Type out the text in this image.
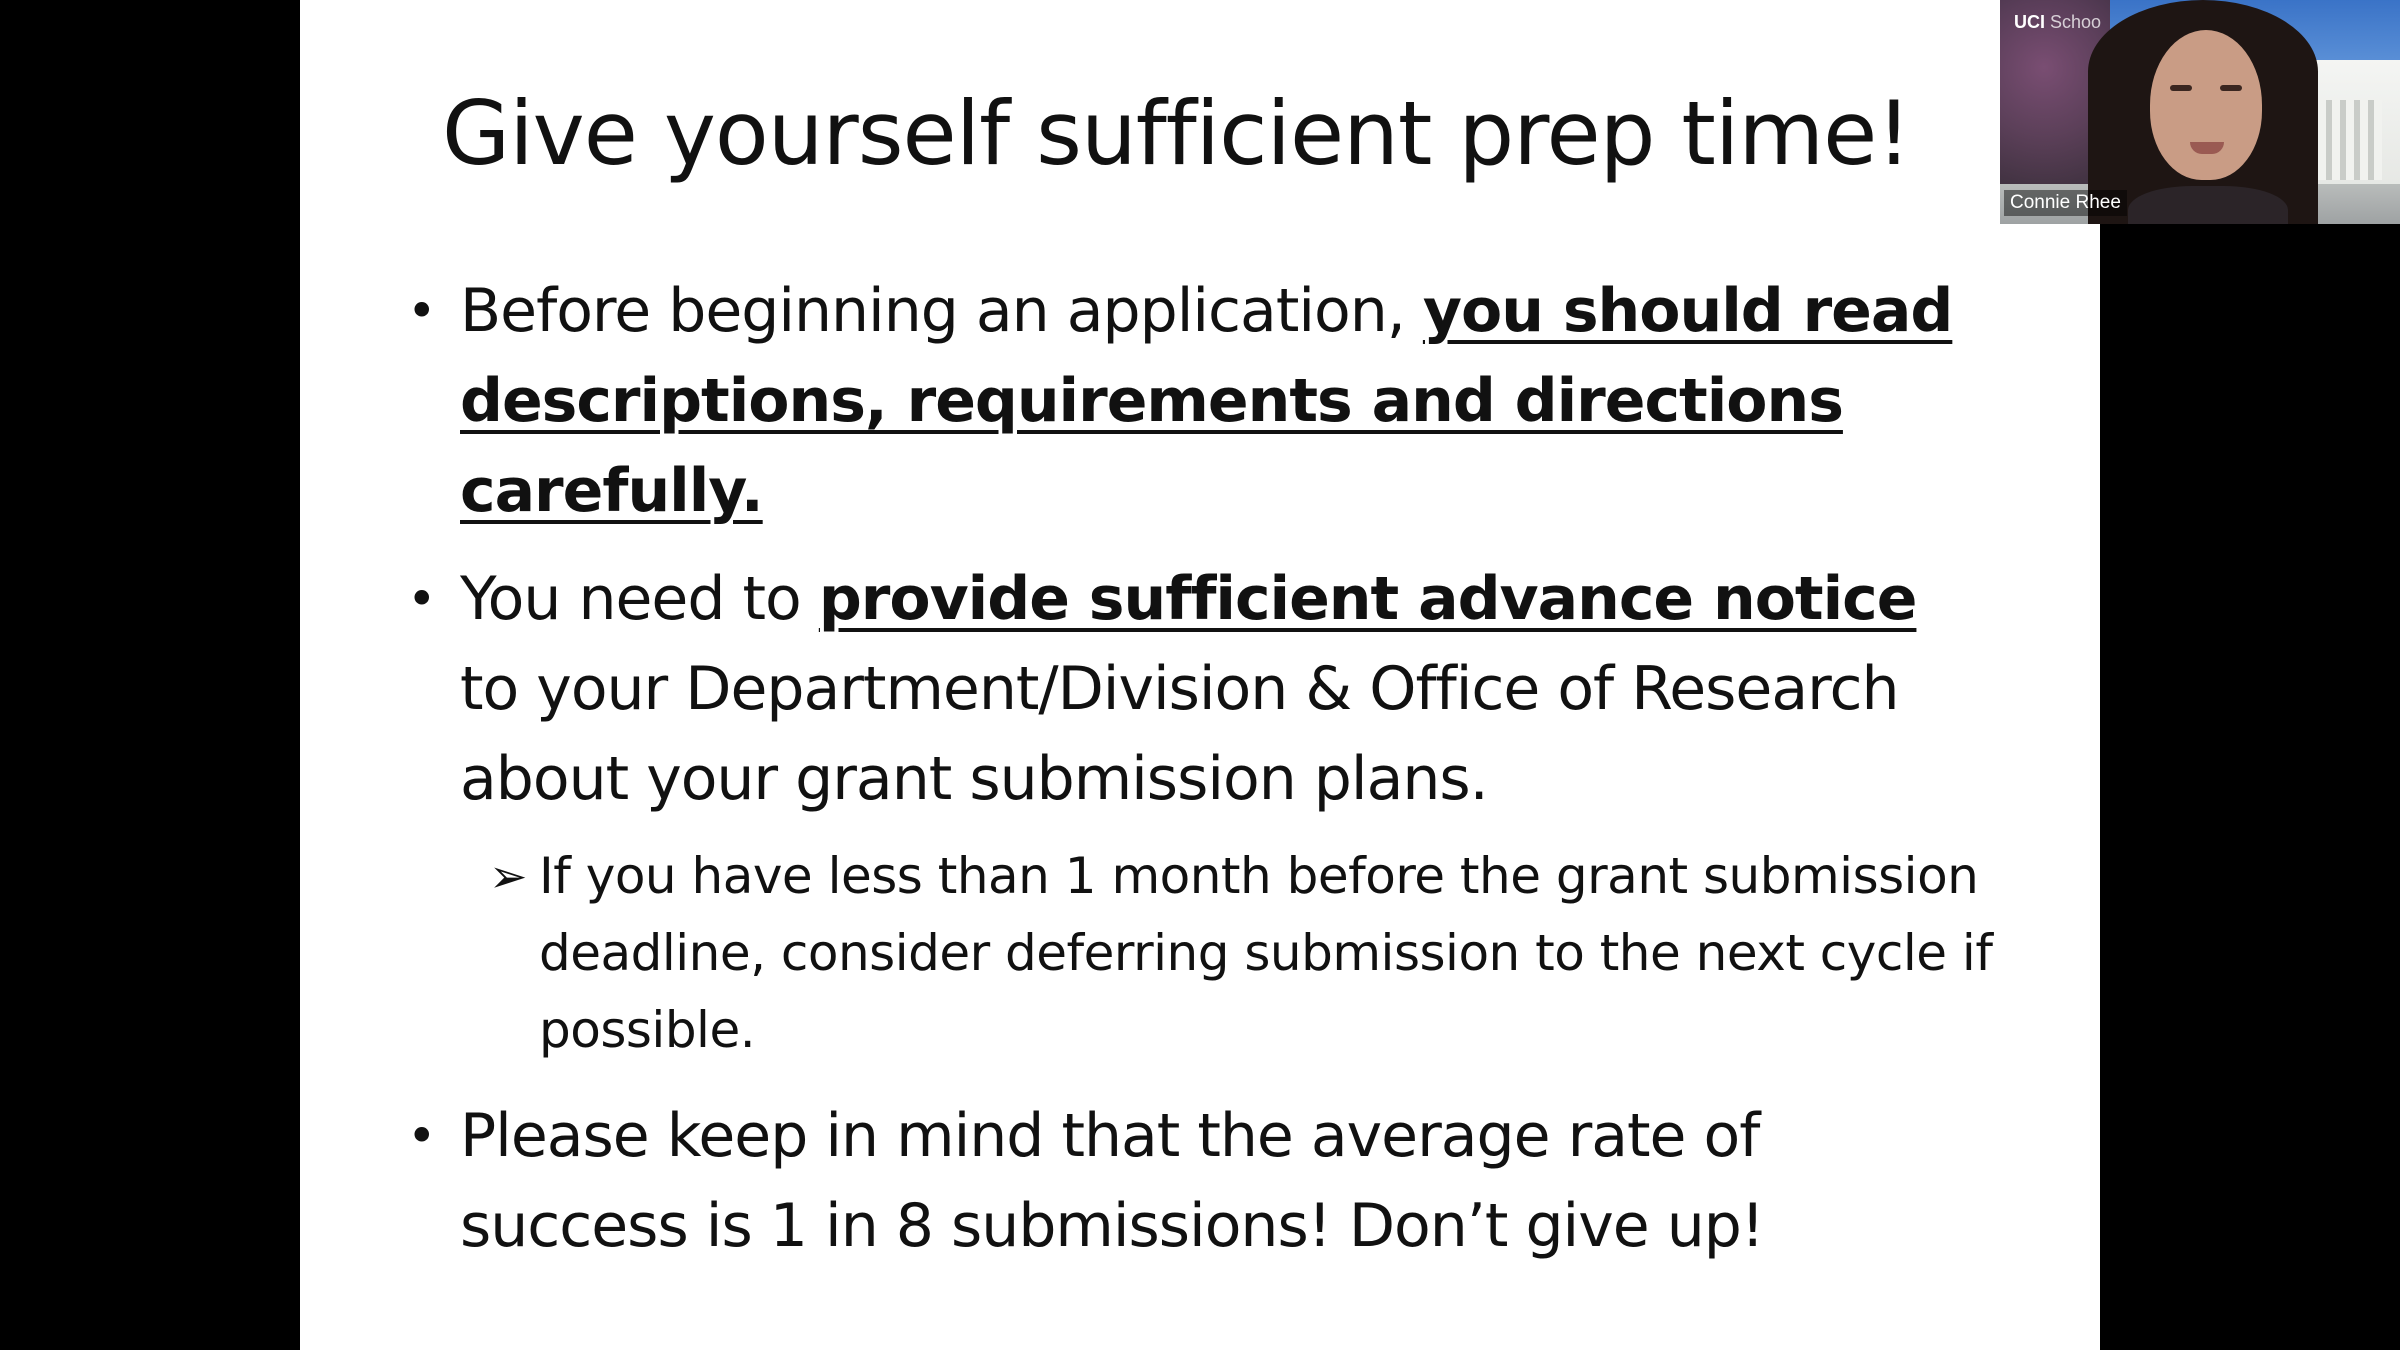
Give yourself sufficient prep time!
• Before beginning an application, you should read descriptions, requirements and directions carefully.
• You need to provide sufficient advance notice to your Department/Division & Office of Research about your grant submission plans.
➢ If you have less than 1 month before the grant submission deadline, consider deferring submission to the next cycle if possible.
• Please keep in mind that the average rate of success is 1 in 8 submissions! Don’t give up!
UCI Schoo
Connie Rhee
